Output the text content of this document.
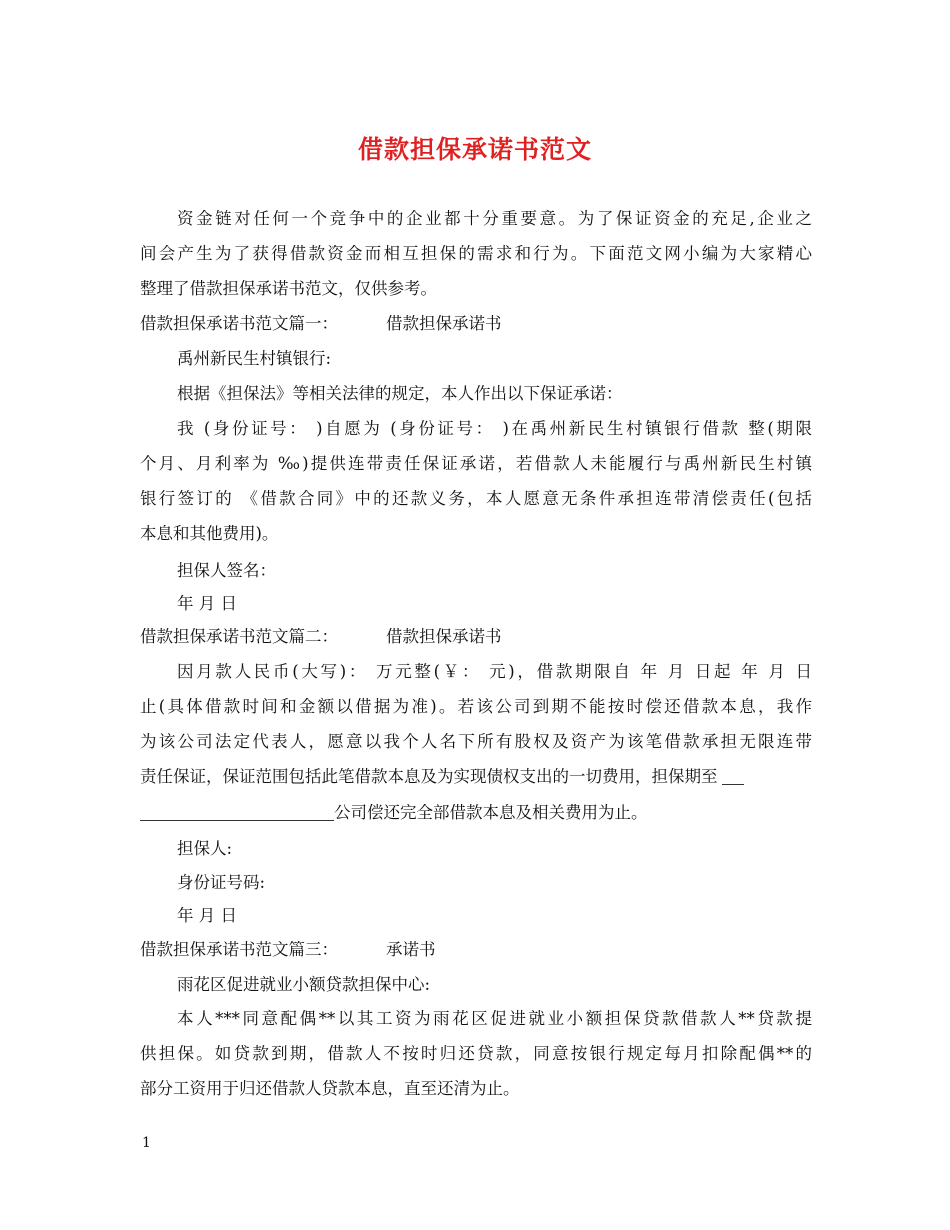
借款担保承诺书范文
资金链对任何一个竞争中的企业都十分重要意。为了保证资金的充足,企业之
间会产生为了获得借款资金而相互担保的需求和行为。下面范文网小编为大家精心
整理了借款担保承诺书范文，仅供参考。
借款担保承诺书范文篇一：	借款担保承诺书
禹州新民生村镇银行:
根据《担保法》等相关法律的规定，本人作出以下保证承诺：
我 (身份证号： )自愿为 (身份证号： )在禹州新民生村镇银行借款 整(期限
个月、月利率为 ‰)提供连带责任保证承诺，若借款人未能履行与禹州新民生村镇
银行签订的 《借款合同》中的还款义务，本人愿意无条件承担连带清偿责任(包括
本息和其他费用)。
担保人签名：
年 月 日
借款担保承诺书范文篇二：	借款担保承诺书
因月款人民币(大写)： 万元整(￥： 元)，借款期限自 年 月 日起 年 月 日
止(具体借款时间和金额以借据为准)。若该公司到期不能按时偿还借款本息，我作
为该公司法定代表人，愿意以我个人名下所有股权及资产为该笔借款承担无限连带
责任保证，保证范围包括此笔借款本息及为实现债权支出的一切费用，担保期至
公司偿还完全部借款本息及相关费用为止。
担保人:
身份证号码:
年 月 日
借款担保承诺书范文篇三：	承诺书
雨花区促进就业小额贷款担保中心:
本人***同意配偶**以其工资为雨花区促进就业小额担保贷款借款人**贷款提
供担保。如贷款到期，借款人不按时归还贷款，同意按银行规定每月扣除配偶**的
部分工资用于归还借款人贷款本息，直至还清为止。
1
